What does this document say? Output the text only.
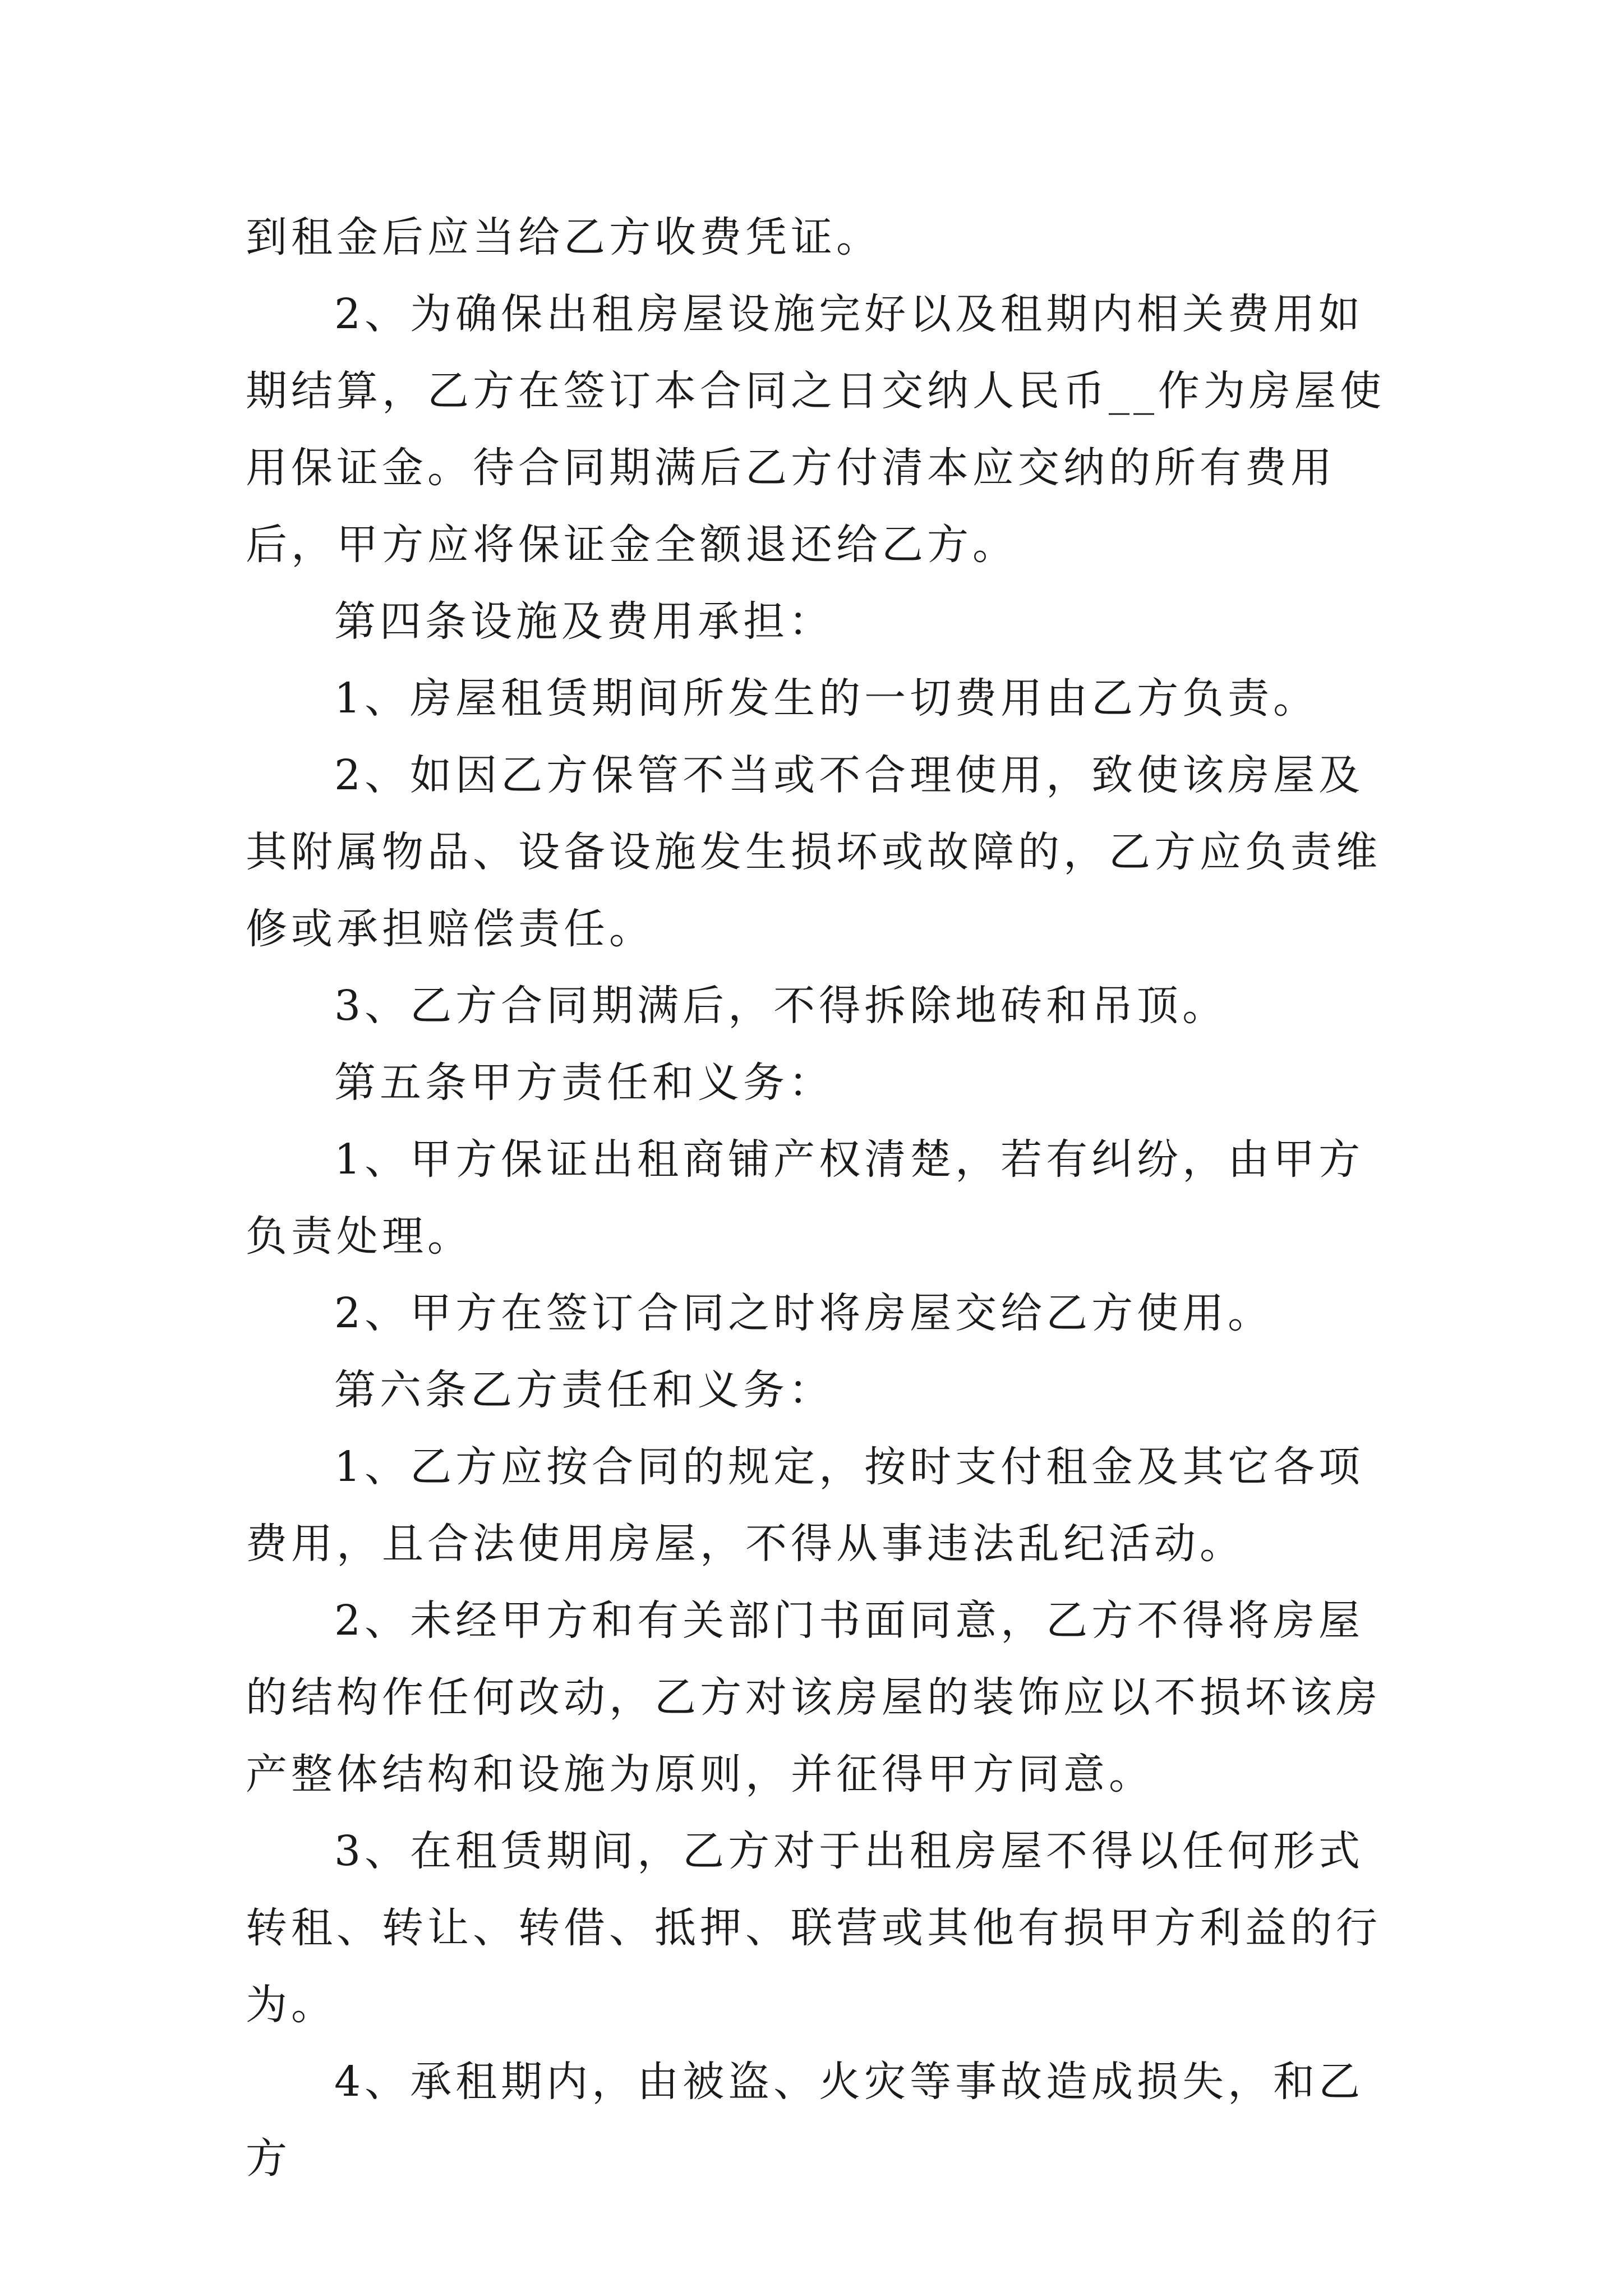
到租金后应当给乙方收费凭证。

2、为确保出租房屋设施完好以及租期内相关费用如期结算，乙方在签订本合同之日交纳人民币__作为房屋使用保证金。待合同期满后乙方付清本应交纳的所有费用后，甲方应将保证金全额退还给乙方。

第四条设施及费用承担：

1、房屋租赁期间所发生的一切费用由乙方负责。

2、如因乙方保管不当或不合理使用，致使该房屋及其附属物品、设备设施发生损坏或故障的，乙方应负责维修或承担赔偿责任。

3、乙方合同期满后，不得拆除地砖和吊顶。

第五条甲方责任和义务：

1、甲方保证出租商铺产权清楚，若有纠纷，由甲方负责处理。

2、甲方在签订合同之时将房屋交给乙方使用。

第六条乙方责任和义务：

1、乙方应按合同的规定，按时支付租金及其它各项费用，且合法使用房屋，不得从事违法乱纪活动。

2、未经甲方和有关部门书面同意，乙方不得将房屋的结构作任何改动，乙方对该房屋的装饰应以不损坏该房产整体结构和设施为原则，并征得甲方同意。

3、在租赁期间，乙方对于出租房屋不得以任何形式转租、转让、转借、抵押、联营或其他有损甲方利益的行为。

4、承租期内，由被盗、火灾等事故造成损失，和乙方
